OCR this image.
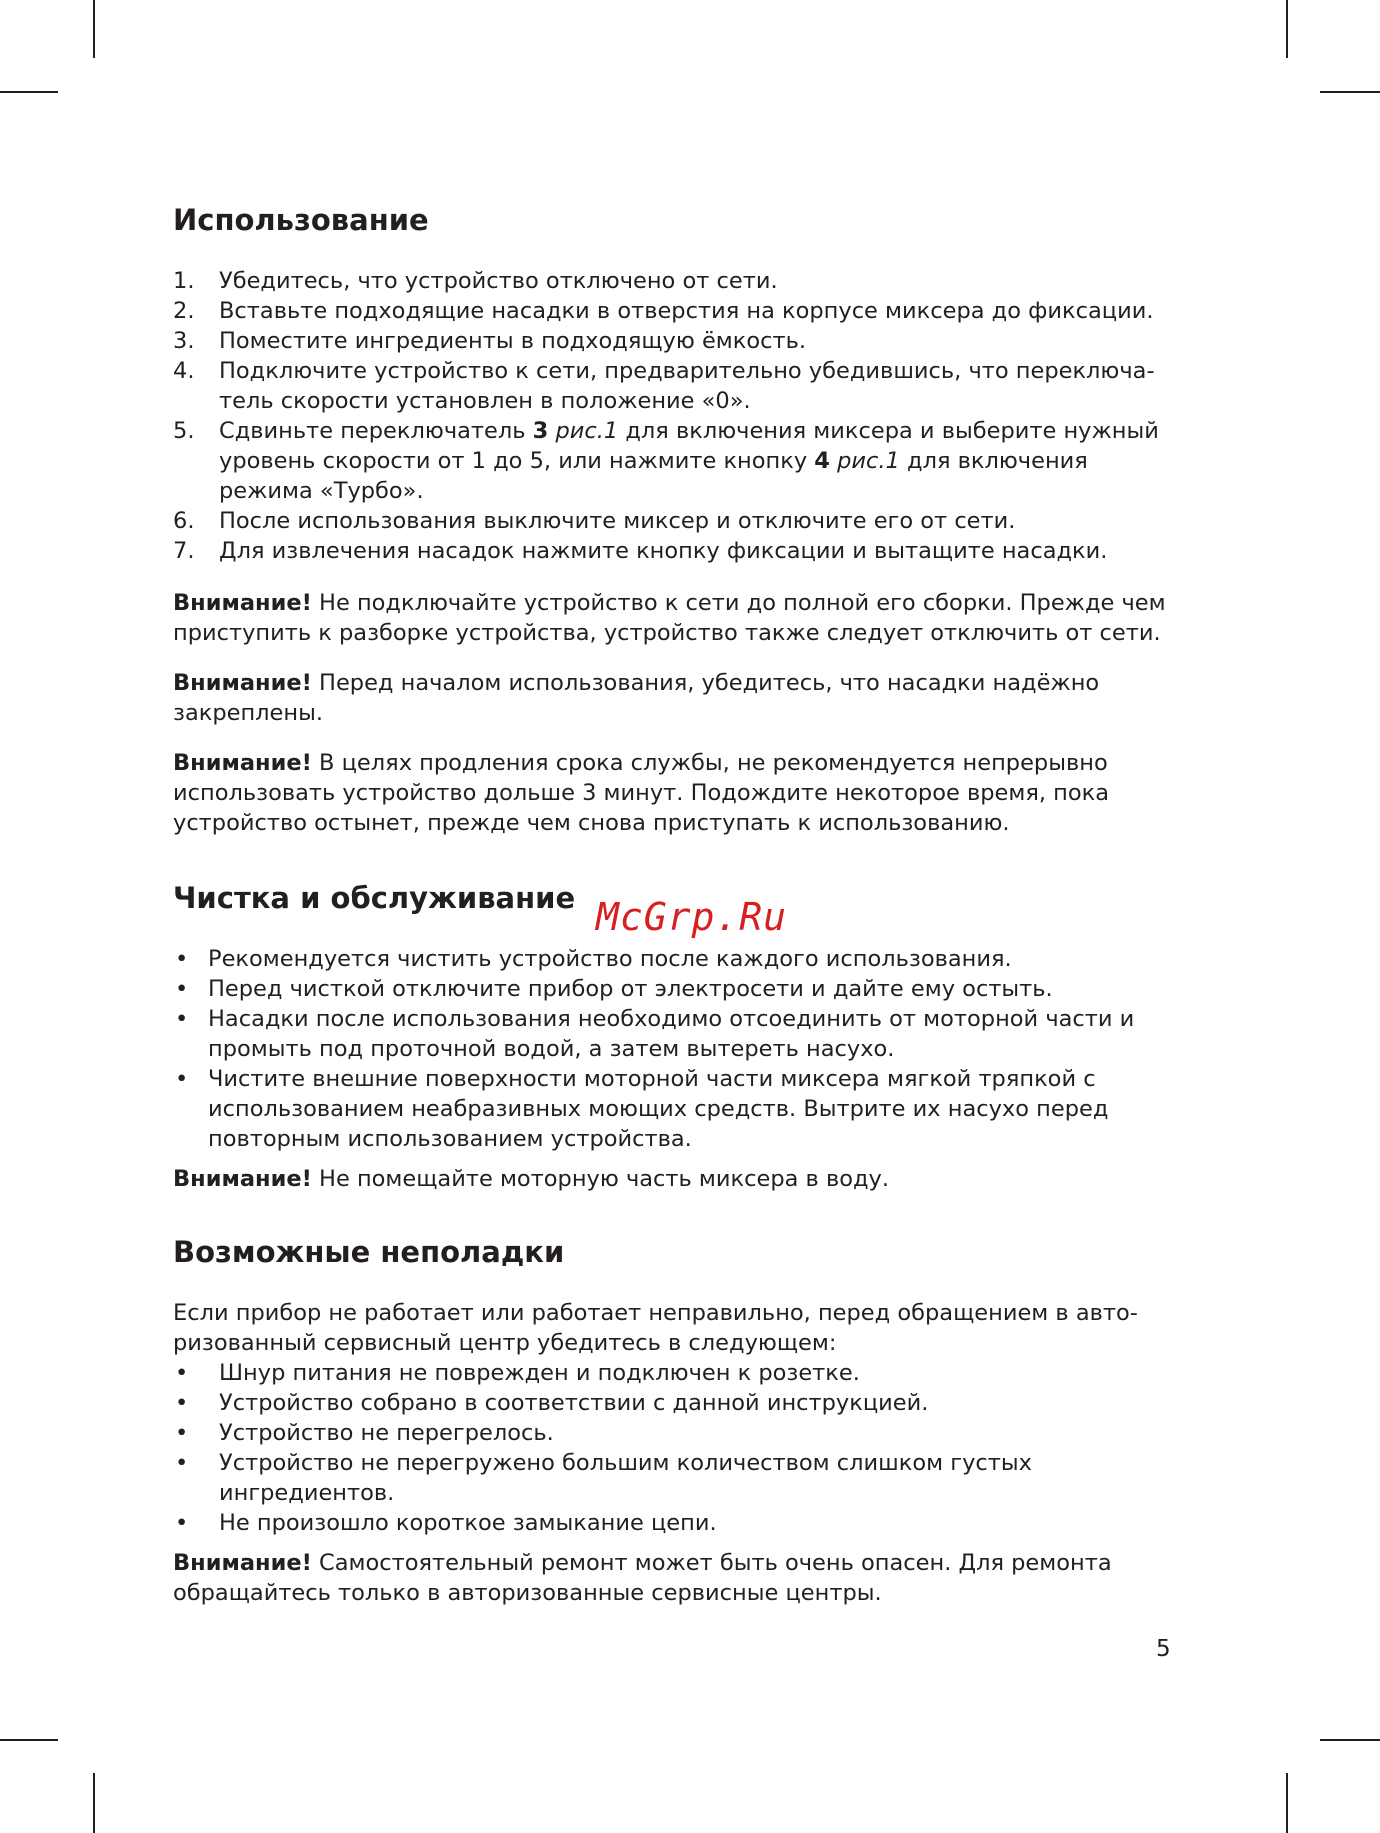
Использование
1. Убедитесь, что устройство отключено от сети.
2. Вставьте подходящие насадки в отверстия на корпусе миксера до фиксации.
3. Поместите ингредиенты в подходящую ёмкость.
4. Подключите устройство к сети, предварительно убедившись, что переключа-тель скорости установлен в положение «0».
5. Сдвиньте переключатель 3 рис.1 для включения миксера и выберите нужный уровень скорости от 1 до 5, или нажмите кнопку 4 рис.1 для включения режима «Турбо».
6. После использования выключите миксер и отключите его от сети.
7. Для извлечения насадок нажмите кнопку фиксации и вытащите насадки.

Внимание! Не подключайте устройство к сети до полной его сборки. Прежде чем приступить к разборке устройства, устройство также следует отключить от сети.

Внимание! Перед началом использования, убедитесь, что насадки надёжно закреплены.

Внимание! В целях продления срока службы, не рекомендуется непрерывно использовать устройство дольше 3 минут. Подождите некоторое время, пока устройство остынет, прежде чем снова приступать к использованию.

Чистка и обслуживание
• Рекомендуется чистить устройство после каждого использования.
• Перед чисткой отключите прибор от электросети и дайте ему остыть.
• Насадки после использования необходимо отсоединить от моторной части и промыть под проточной водой, а затем вытереть насухо.
• Чистите внешние поверхности моторной части миксера мягкой тряпкой с использованием неабразивных моющих средств. Вытрите их насухо перед повторным использованием устройства.

Внимание! Не помещайте моторную часть миксера в воду.

Возможные неполадки

Если прибор не работает или работает неправильно, перед обращением в авто-ризованный сервисный центр убедитесь в следующем:

• Шнур питания не поврежден и подключен к розетке.
• Устройство собрано в соответствии с данной инструкцией.
• Устройство не перегрелось.
• Устройство не перегружено большим количеством слишком густых ингредиентов.
• Не произошло короткое замыкание цепи.

Внимание! Самостоятельный ремонт может быть очень опасен. Для ремонта обращайтесь только в авторизованные сервисные центры.

McGrp.Ru
5
